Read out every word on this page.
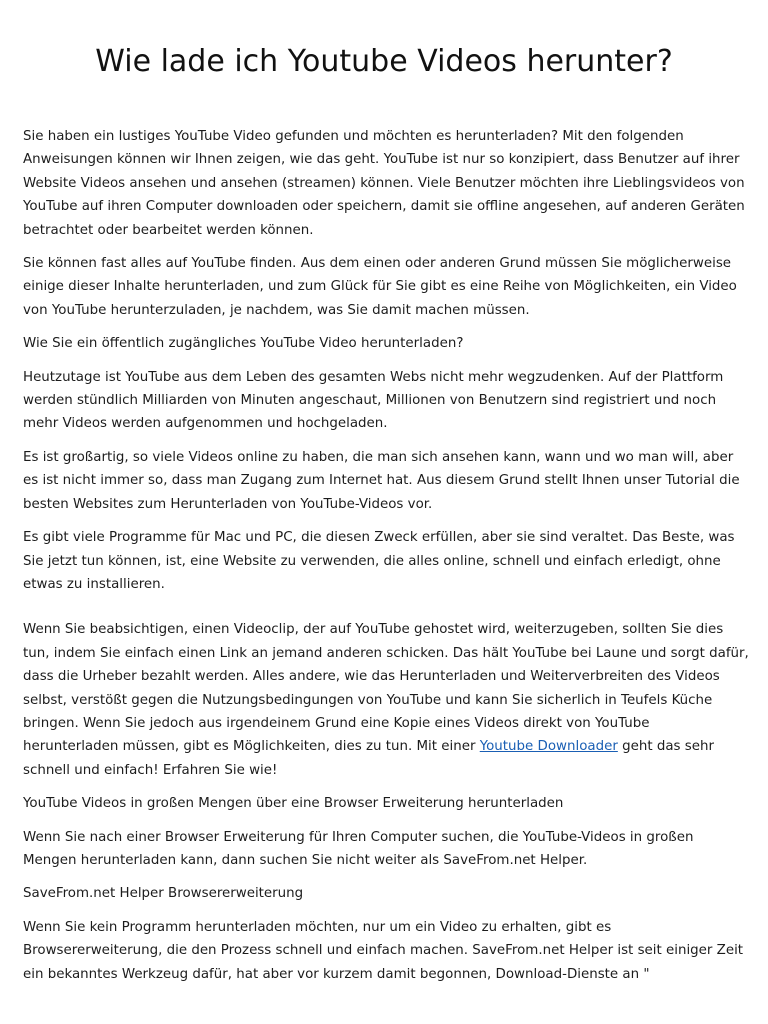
Wie lade ich Youtube Videos herunter?

Sie haben ein lustiges YouTube Video gefunden und möchten es herunterladen? Mit den folgenden Anweisungen können wir Ihnen zeigen, wie das geht. YouTube ist nur so konzipiert, dass Benutzer auf ihrer Website Videos ansehen und ansehen (streamen) können. Viele Benutzer möchten ihre Lieblingsvideos von YouTube auf ihren Computer downloaden oder speichern, damit sie offline angesehen, auf anderen Geräten betrachtet oder bearbeitet werden können.

Sie können fast alles auf YouTube finden. Aus dem einen oder anderen Grund müssen Sie möglicherweise einige dieser Inhalte herunterladen, und zum Glück für Sie gibt es eine Reihe von Möglichkeiten, ein Video von YouTube herunterzuladen, je nachdem, was Sie damit machen müssen.

Wie Sie ein öffentlich zugängliches YouTube Video herunterladen?

Heutzutage ist YouTube aus dem Leben des gesamten Webs nicht mehr wegzudenken. Auf der Plattform werden stündlich Milliarden von Minuten angeschaut, Millionen von Benutzern sind registriert und noch mehr Videos werden aufgenommen und hochgeladen.

Es ist großartig, so viele Videos online zu haben, die man sich ansehen kann, wann und wo man will, aber es ist nicht immer so, dass man Zugang zum Internet hat. Aus diesem Grund stellt Ihnen unser Tutorial die besten Websites zum Herunterladen von YouTube-Videos vor.

Es gibt viele Programme für Mac und PC, die diesen Zweck erfüllen, aber sie sind veraltet. Das Beste, was Sie jetzt tun können, ist, eine Website zu verwenden, die alles online, schnell und einfach erledigt, ohne etwas zu installieren.

Wenn Sie beabsichtigen, einen Videoclip, der auf YouTube gehostet wird, weiterzugeben, sollten Sie dies tun, indem Sie einfach einen Link an jemand anderen schicken. Das hält YouTube bei Laune und sorgt dafür, dass die Urheber bezahlt werden. Alles andere, wie das Herunterladen und Weiterverbreiten des Videos selbst, verstößt gegen die Nutzungsbedingungen von YouTube und kann Sie sicherlich in Teufels Küche bringen. Wenn Sie jedoch aus irgendeinem Grund eine Kopie eines Videos direkt von YouTube herunterladen müssen, gibt es Möglichkeiten, dies zu tun. Mit einer Youtube Downloader geht das sehr schnell und einfach! Erfahren Sie wie!

YouTube Videos in großen Mengen über eine Browser Erweiterung herunterladen

Wenn Sie nach einer Browser Erweiterung für Ihren Computer suchen, die YouTube-Videos in großen Mengen herunterladen kann, dann suchen Sie nicht weiter als SaveFrom.net Helper.

SaveFrom.net Helper Browsererweiterung

Wenn Sie kein Programm herunterladen möchten, nur um ein Video zu erhalten, gibt es Browsererweiterung, die den Prozess schnell und einfach machen. SaveFrom.net Helper ist seit einiger Zeit ein bekanntes Werkzeug dafür, hat aber vor kurzem damit begonnen, Download-Dienste an "
